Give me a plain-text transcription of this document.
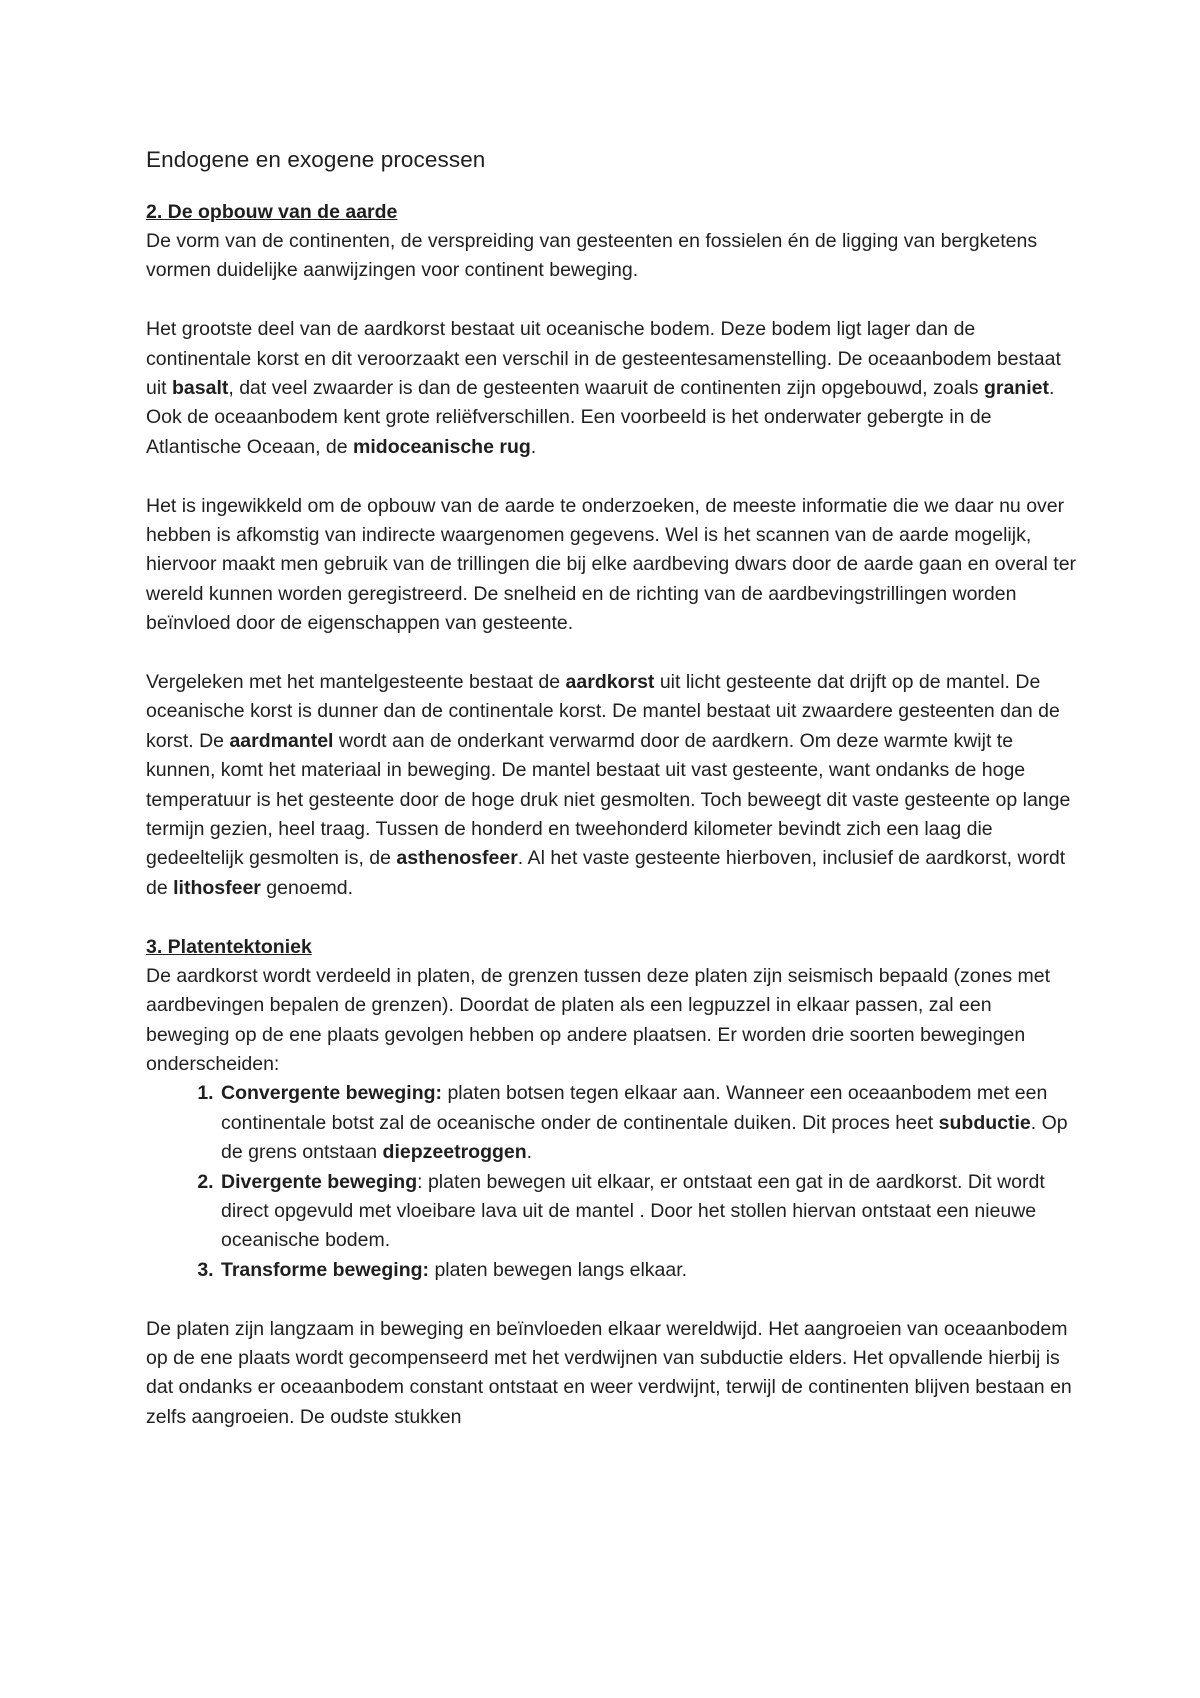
Endogene en exogene processen
2. De opbouw van de aarde

De vorm van de continenten, de verspreiding van gesteenten en fossielen én de ligging van bergketens vormen duidelijke aanwijzingen voor continent beweging.

Het grootste deel van de aardkorst bestaat uit oceanische bodem. Deze bodem ligt lager dan de continentale korst en dit veroorzaakt een verschil in de gesteentesamenstelling. De oceaanbodem bestaat uit basalt, dat veel zwaarder is dan de gesteenten waaruit de continenten zijn opgebouwd, zoals graniet. Ook de oceaanbodem kent grote reliëfverschillen. Een voorbeeld is het onderwater gebergte in de Atlantische Oceaan, de midoceanische rug.

Het is ingewikkeld om de opbouw van de aarde te onderzoeken, de meeste informatie die we daar nu over hebben is afkomstig van indirecte waargenomen gegevens. Wel is het scannen van de aarde mogelijk, hiervoor maakt men gebruik van de trillingen die bij elke aardbeving dwars door de aarde gaan en overal ter wereld kunnen worden geregistreerd. De snelheid en de richting van de aardbevingstrillingen worden beïnvloed door de eigenschappen van gesteente.

Vergeleken met het mantelgesteente bestaat de aardkorst uit licht gesteente dat drijft op de mantel. De oceanische korst is dunner dan de continentale korst. De mantel bestaat uit zwaardere gesteenten dan de korst. De aardmantel wordt aan de onderkant verwarmd door de aardkern. Om deze warmte kwijt te kunnen, komt het materiaal in beweging. De mantel bestaat uit vast gesteente, want ondanks de hoge temperatuur is het gesteente door de hoge druk niet gesmolten. Toch beweegt dit vaste gesteente op lange termijn gezien, heel traag. Tussen de honderd en tweehonderd kilometer bevindt zich een laag die gedeeltelijk gesmolten is, de asthenosfeer. Al het vaste gesteente hierboven, inclusief de aardkorst, wordt de lithosfeer genoemd.

3. Platentektoniek

De aardkorst wordt verdeeld in platen, de grenzen tussen deze platen zijn seismisch bepaald (zones met aardbevingen bepalen de grenzen). Doordat de platen als een legpuzzel in elkaar passen, zal een beweging op de ene plaats gevolgen hebben op andere plaatsen. Er worden drie soorten bewegingen onderscheiden:

1. Convergente beweging: platen botsen tegen elkaar aan. Wanneer een oceaanbodem met een continentale botst zal de oceanische onder de continentale duiken. Dit proces heet subductie. Op de grens ontstaan diepzeetroggen.
2. Divergente beweging: platen bewegen uit elkaar, er ontstaat een gat in de aardkorst. Dit wordt direct opgevuld met vloeibare lava uit de mantel . Door het stollen hiervan ontstaat een nieuwe oceanische bodem.
3. Transforme beweging: platen bewegen langs elkaar.

De platen zijn langzaam in beweging en beïnvloeden elkaar wereldwijd. Het aangroeien van oceaanbodem op de ene plaats wordt gecompenseerd met het verdwijnen van subductie elders. Het opvallende hierbij is dat ondanks er oceaanbodem constant ontstaat en weer verdwijnt, terwijl de continenten blijven bestaan en zelfs aangroeien. De oudste stukken
